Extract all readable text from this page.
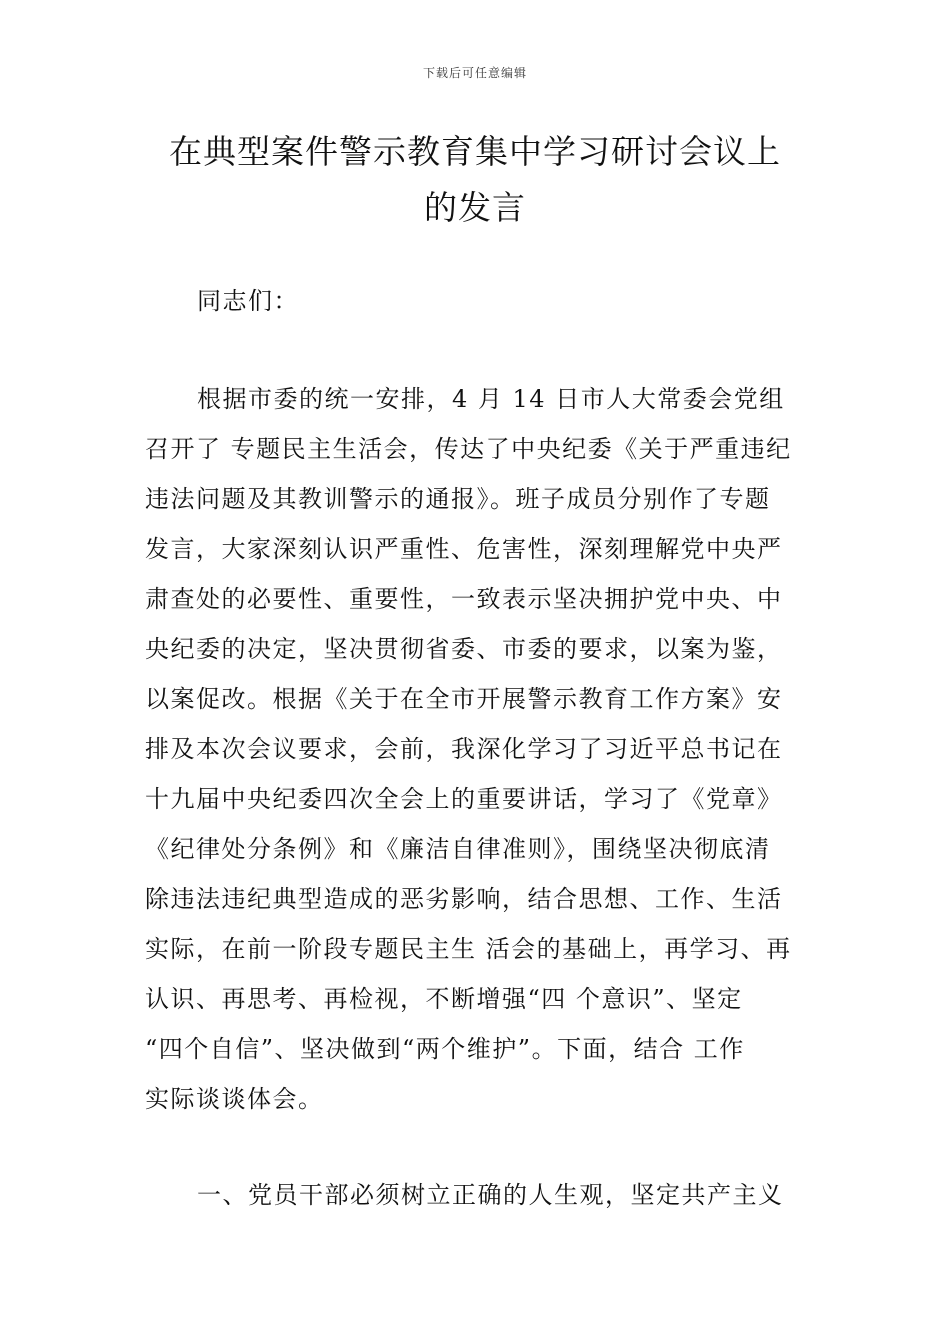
下载后可任意编辑
在典型案件警示教育集中学习研讨会议上
的发言

同志们：

根据市委的统一安排，4 月 14 日市人大常委会党组
召开了 专题民主生活会，传达了中央纪委《关于严重违纪
违法问题及其教训警示的通报》。班子成员分别作了专题
发言，大家深刻认识严重性、危害性，深刻理解党中央严
肃查处的必要性、重要性，一致表示坚决拥护党中央、中
央纪委的决定，坚决贯彻省委、市委的要求，以案为鉴，
以案促改。根据《关于在全市开展警示教育工作方案》安
排及本次会议要求，会前，我深化学习了习近平总书记在
十九届中央纪委四次全会上的重要讲话，学习了《党章》
《纪律处分条例》和《廉洁自律准则》，围绕坚决彻底清
除违法违纪典型造成的恶劣影响，结合思想、工作、生活
实际，在前一阶段专题民主生 活会的基础上，再学习、再
认识、再思考、再检视，不断增强“四 个意识”、坚定
“四个自信”、坚决做到“两个维护”。下面，结合 工作
实际谈谈体会。

一、党员干部必须树立正确的人生观，坚定共产主义
